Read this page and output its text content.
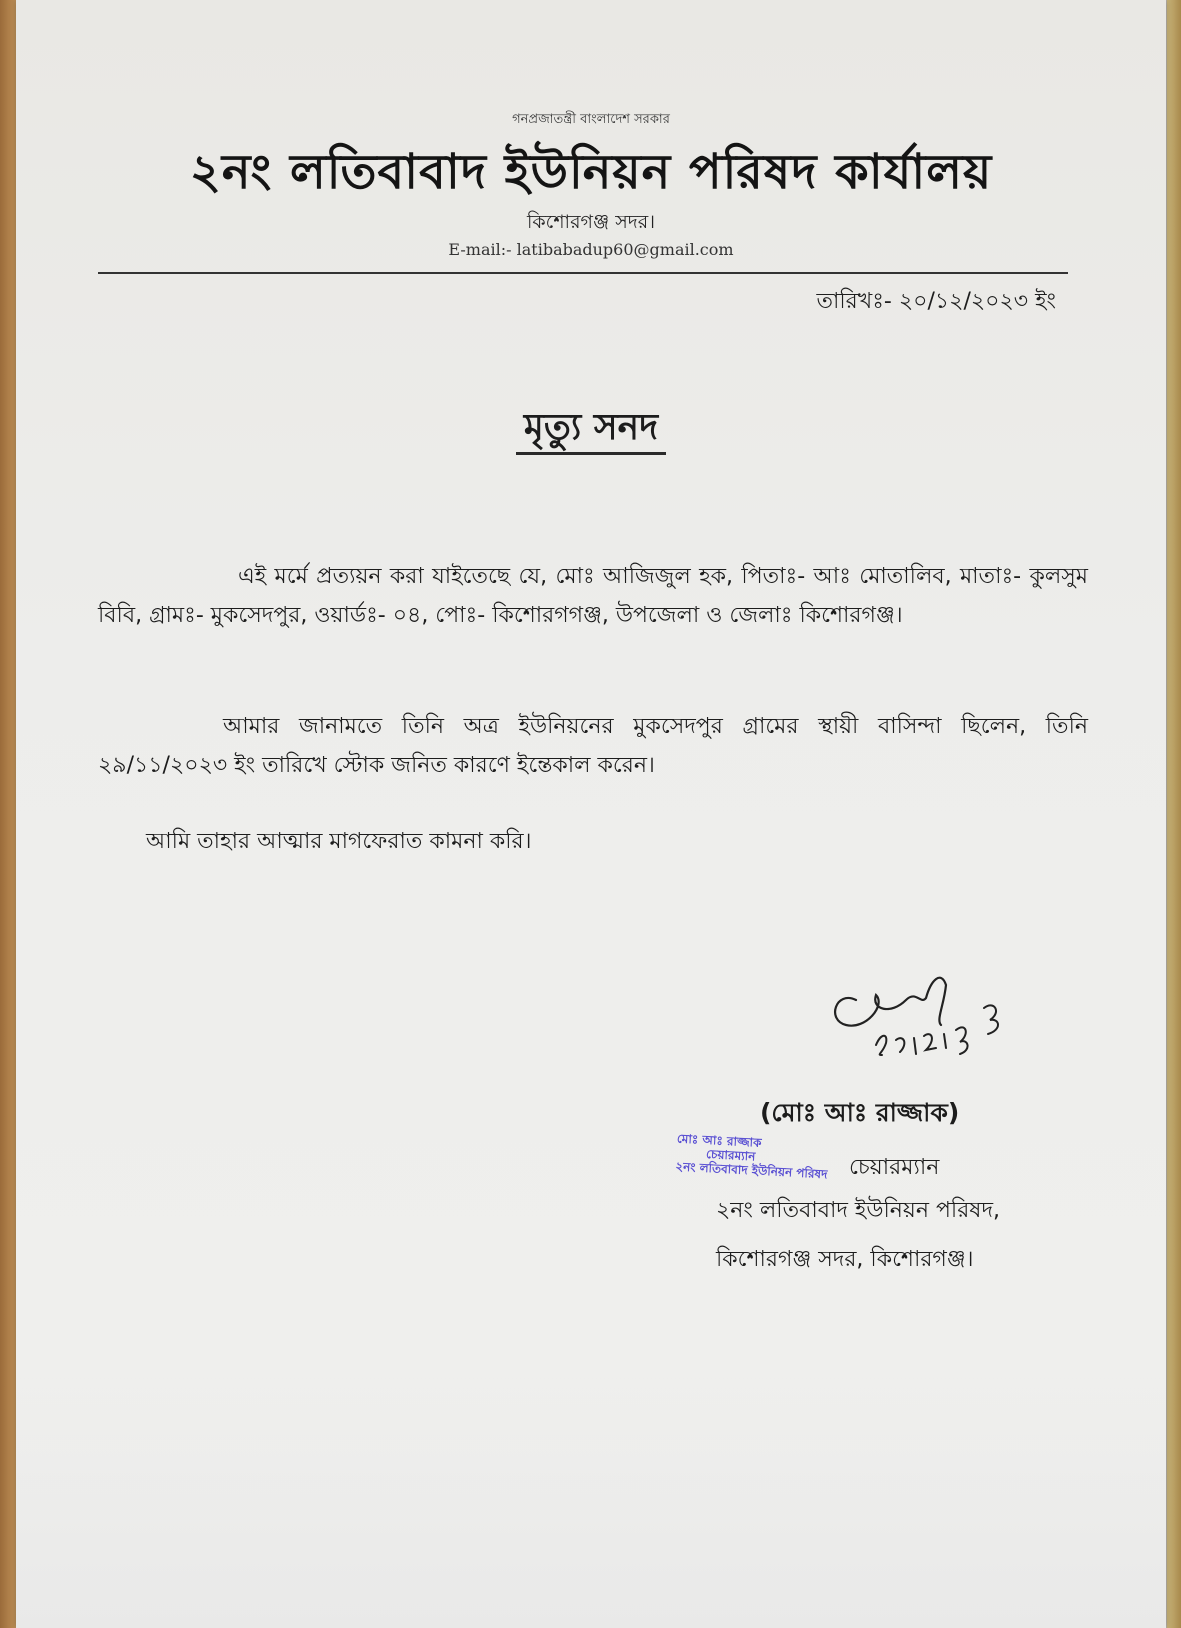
গনপ্রজাতন্ত্রী বাংলাদেশ সরকার
২নং লতিবাবাদ ইউনিয়ন পরিষদ কার্যালয়
কিশোরগঞ্জ সদর।
E-mail:- latibabadup60@gmail.com
তারিখঃ- ২০/১২/২০২৩ ইং
মৃত্যু সনদ
এই মর্মে প্রত্যয়ন করা যাইতেছে যে, মোঃ আজিজুল হক, পিতাঃ- আঃ মোতালিব, মাতাঃ- কুলসুম বিবি, গ্রামঃ- মুকসেদপুর, ওয়ার্ডঃ- ০৪, পোঃ- কিশোরগগঞ্জ, উপজেলা ও জেলাঃ কিশোরগঞ্জ।
আমার জানামতে তিনি অত্র ইউনিয়নের মুকসেদপুর গ্রামের স্থায়ী বাসিন্দা ছিলেন, তিনি ২৯/১১/২০২৩ ইং তারিখে স্টোক জনিত কারণে ইন্তেকাল করেন।
আমি তাহার আত্মার মাগফেরাত কামনা করি।
(মোঃ আঃ রাজ্জাক)
মোঃ আঃ রাজ্জাক
চেয়ারম্যান
২নং লতিবাবাদ ইউনিয়ন পরিষদ চেয়ারম্যান
২নং লতিবাবাদ ইউনিয়ন পরিষদ,
কিশোরগঞ্জ সদর, কিশোরগঞ্জ।
